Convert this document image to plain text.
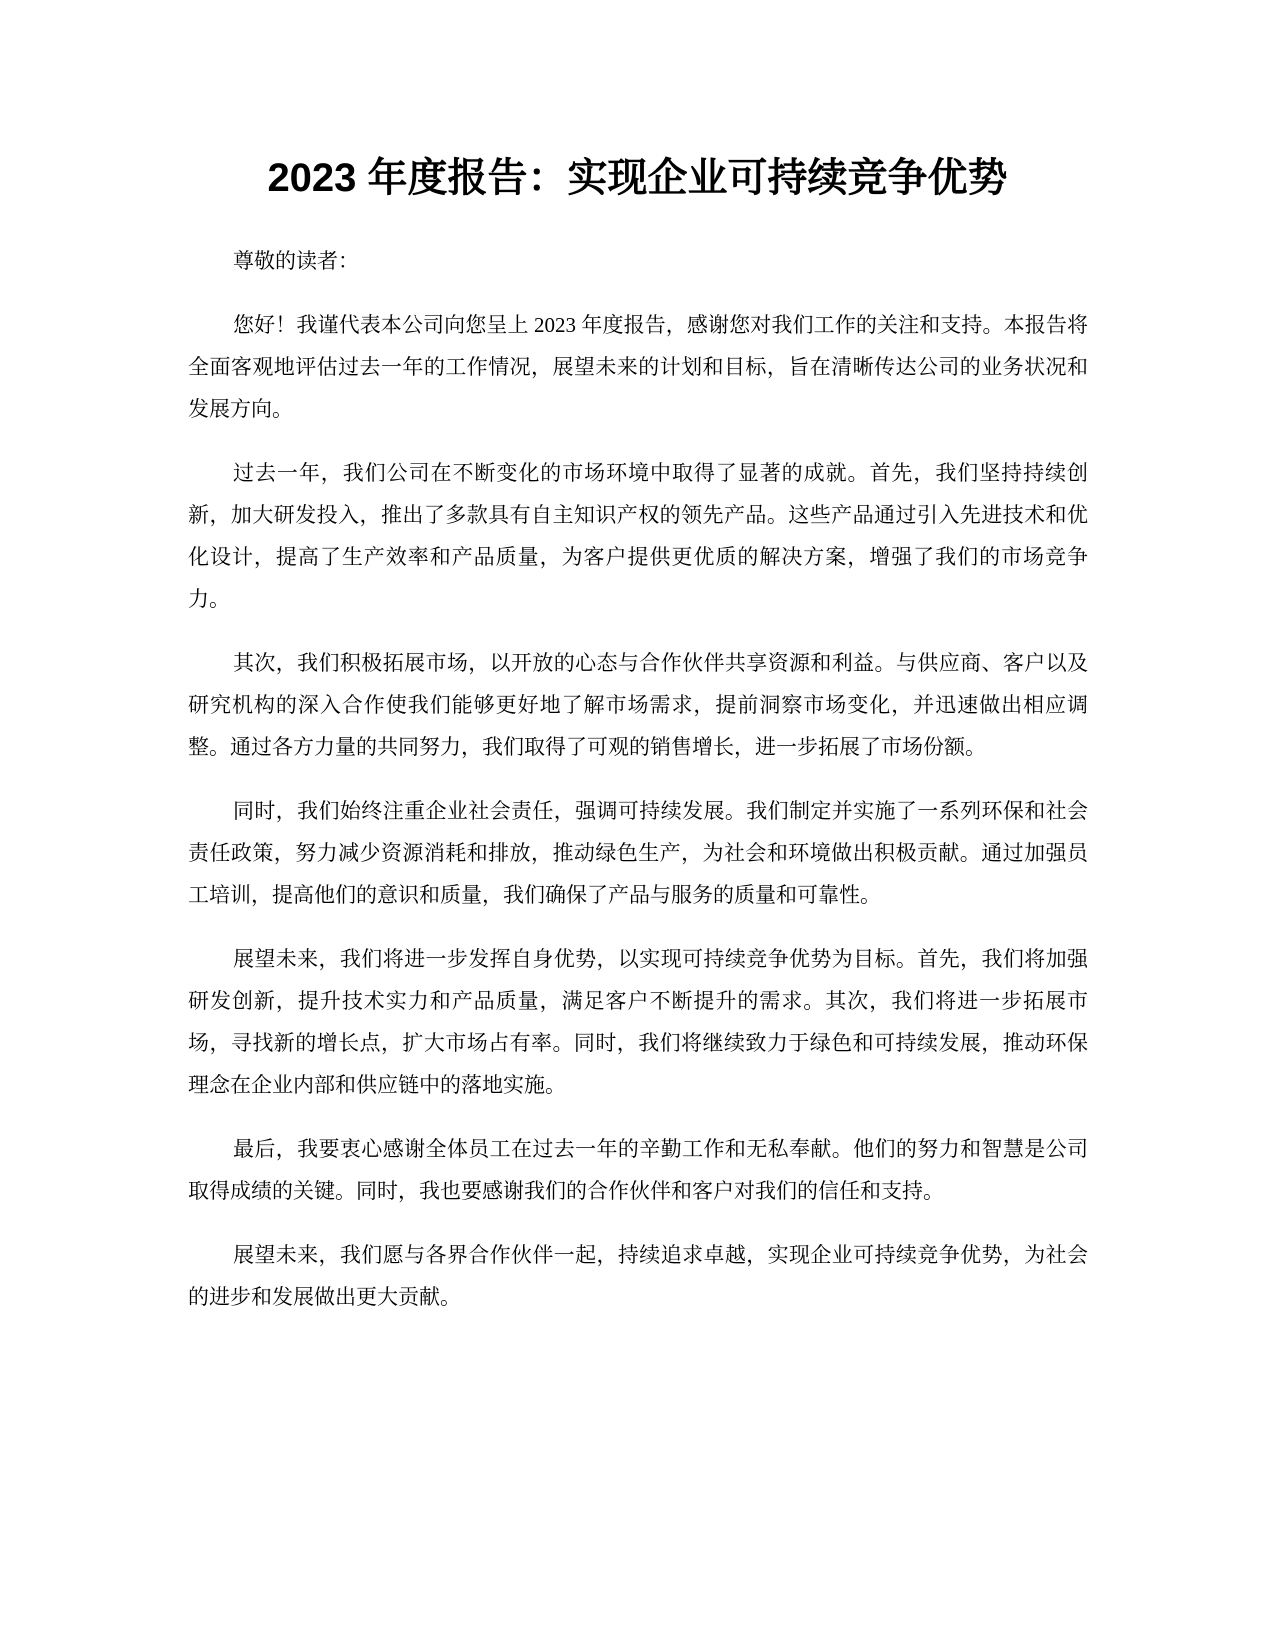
2023 年度报告：实现企业可持续竞争优势

尊敬的读者：

您好！我谨代表本公司向您呈上 2023 年度报告，感谢您对我们工作的关注和支持。本报告将全面客观地评估过去一年的工作情况，展望未来的计划和目标，旨在清晰传达公司的业务状况和发展方向。

过去一年，我们公司在不断变化的市场环境中取得了显著的成就。首先，我们坚持持续创新，加大研发投入，推出了多款具有自主知识产权的领先产品。这些产品通过引入先进技术和优化设计，提高了生产效率和产品质量，为客户提供更优质的解决方案，增强了我们的市场竞争力。

其次，我们积极拓展市场，以开放的心态与合作伙伴共享资源和利益。与供应商、客户以及研究机构的深入合作使我们能够更好地了解市场需求，提前洞察市场变化，并迅速做出相应调整。通过各方力量的共同努力，我们取得了可观的销售增长，进一步拓展了市场份额。

同时，我们始终注重企业社会责任，强调可持续发展。我们制定并实施了一系列环保和社会责任政策，努力减少资源消耗和排放，推动绿色生产，为社会和环境做出积极贡献。通过加强员工培训，提高他们的意识和质量，我们确保了产品与服务的质量和可靠性。

展望未来，我们将进一步发挥自身优势，以实现可持续竞争优势为目标。首先，我们将加强研发创新，提升技术实力和产品质量，满足客户不断提升的需求。其次，我们将进一步拓展市场，寻找新的增长点，扩大市场占有率。同时，我们将继续致力于绿色和可持续发展，推动环保理念在企业内部和供应链中的落地实施。

最后，我要衷心感谢全体员工在过去一年的辛勤工作和无私奉献。他们的努力和智慧是公司取得成绩的关键。同时，我也要感谢我们的合作伙伴和客户对我们的信任和支持。

展望未来，我们愿与各界合作伙伴一起，持续追求卓越，实现企业可持续竞争优势，为社会的进步和发展做出更大贡献。
